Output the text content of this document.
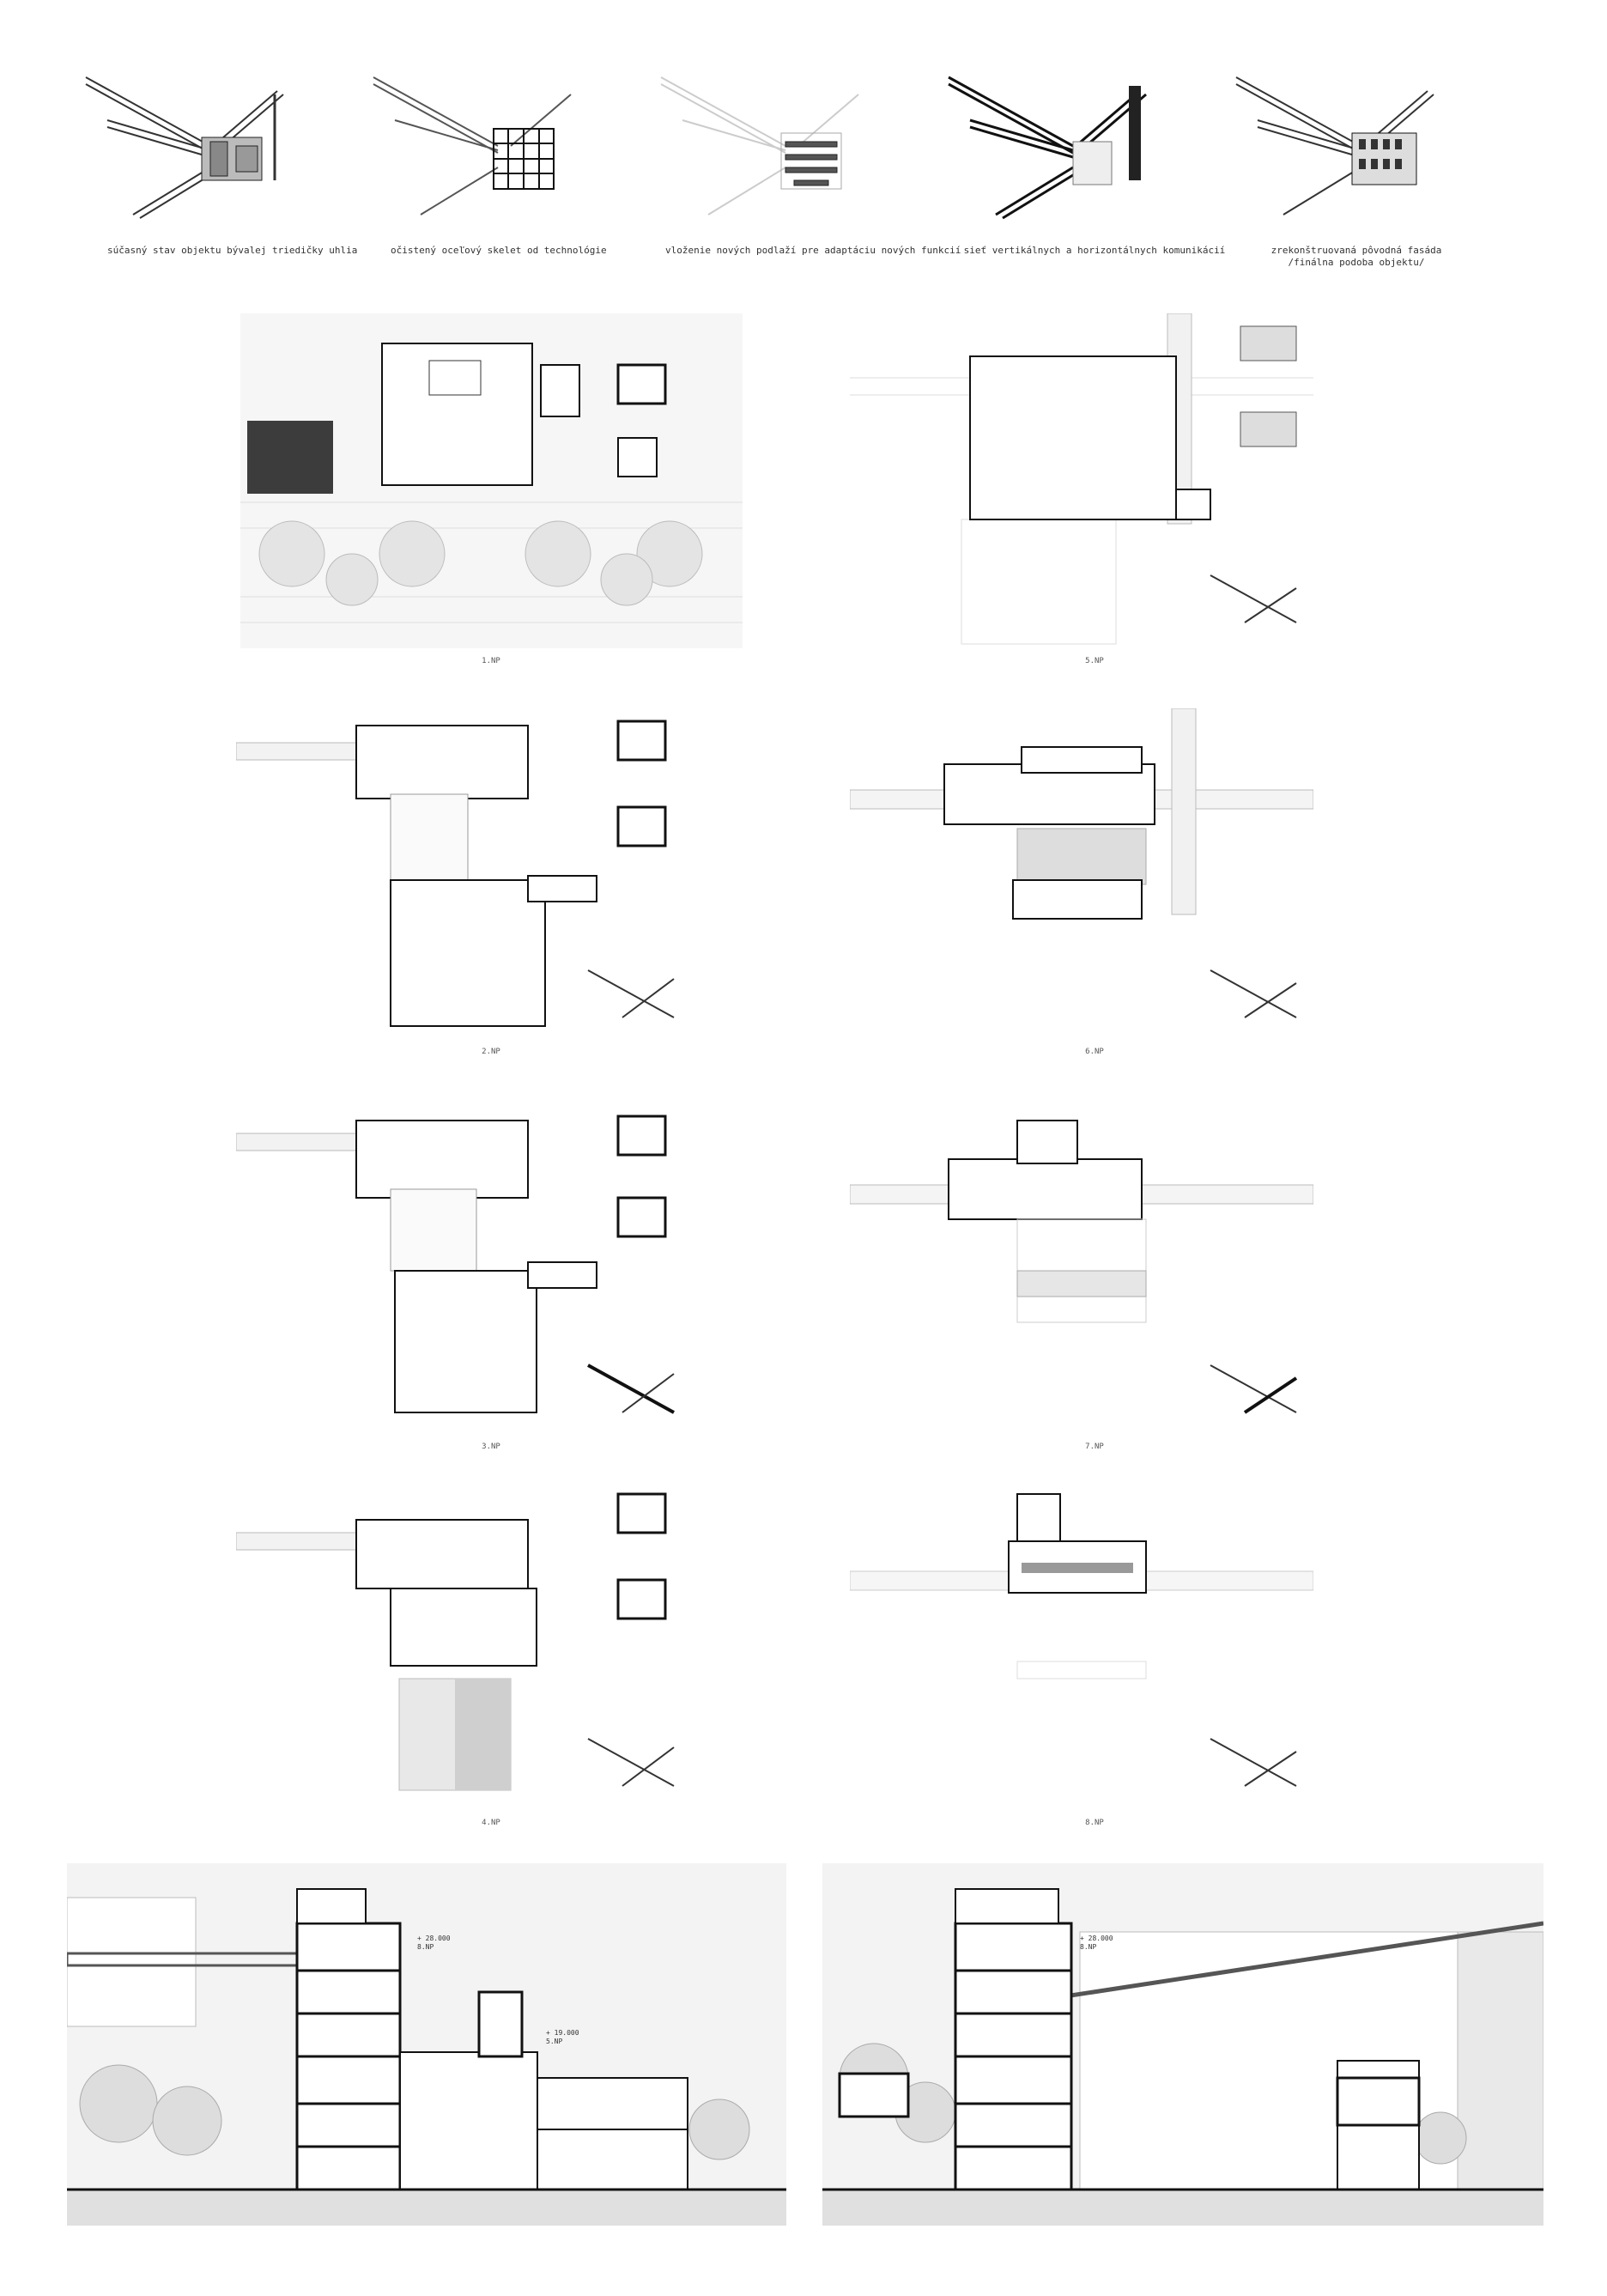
súčasný stav objektu bývalej triedičky uhlia	očistený oceľový skelet od technológie	vloženie nových podlaží pre adaptáciu nových funkcií sieť vertikálnych a horizontálnych komunikácií	zrekonštruovaná pôvodná fasáda
/finálna podoba objektu/
1.NP	5.NP
2.NP	6.NP
3.NP	7.NP
4.NP	8.NP
+ 28.000
8.NP
+ 19.000
5.NP
+ 28.000
8.NP
